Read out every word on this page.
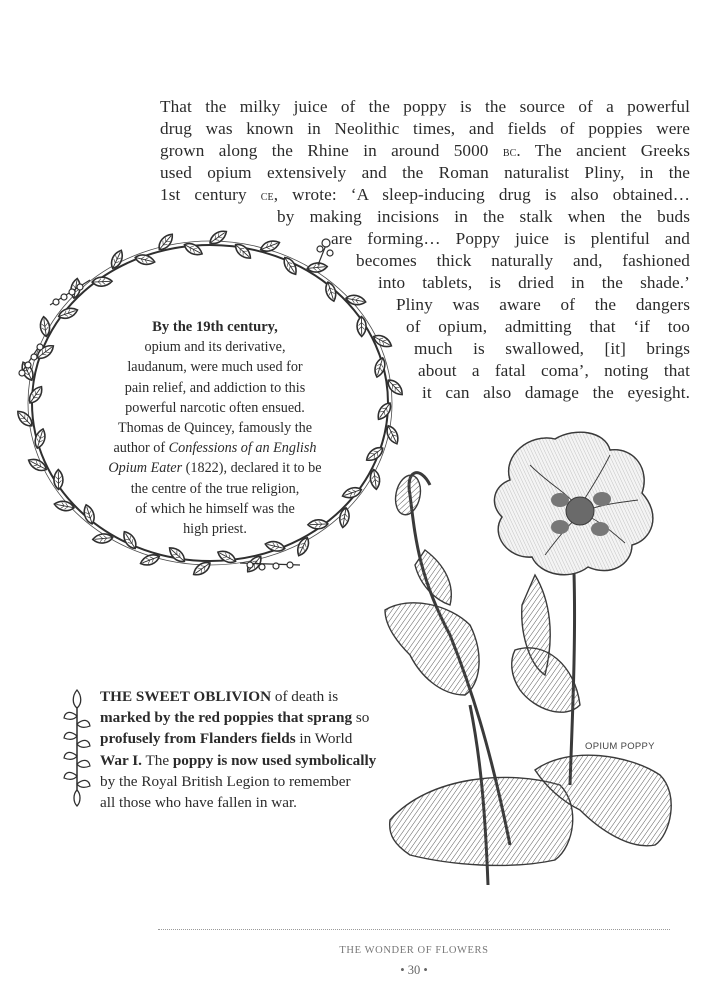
That the milky juice of the poppy is the source of a powerful
drug was known in Neolithic times, and fields of poppies were
grown along the Rhine in around 5000 bc. The ancient Greeks
used opium extensively and the Roman naturalist Pliny, in the
1st century ce, wrote: ‘A sleep-inducing drug is also obtained…
by making incisions in the stalk when the buds
are forming… Poppy juice is plentiful and
becomes thick naturally and, fashioned
into tablets, is dried in the shade.’
Pliny was aware of the dangers
of opium, admitting that ‘if too
much is swallowed, [it] brings
about a fatal coma’, noting that
it can also damage the eyesight.
By the 19th century,
opium and its derivative,
laudanum, were much used for
pain relief, and addiction to this
powerful narcotic often ensued.
Thomas de Quincey, famously the
author of Confessions of an English
Opium Eater (1822), declared it to be
the centre of the true religion,
of which he himself was the
high priest.
THE SWEET OBLIVION of death is
marked by the red poppies that sprang so
profusely from Flanders fields in World
War I. The poppy is now used symbolically
by the Royal British Legion to remember
all those who have fallen in war.
OPIUM POPPY
THE WONDER OF FLOWERS
• 30 •
